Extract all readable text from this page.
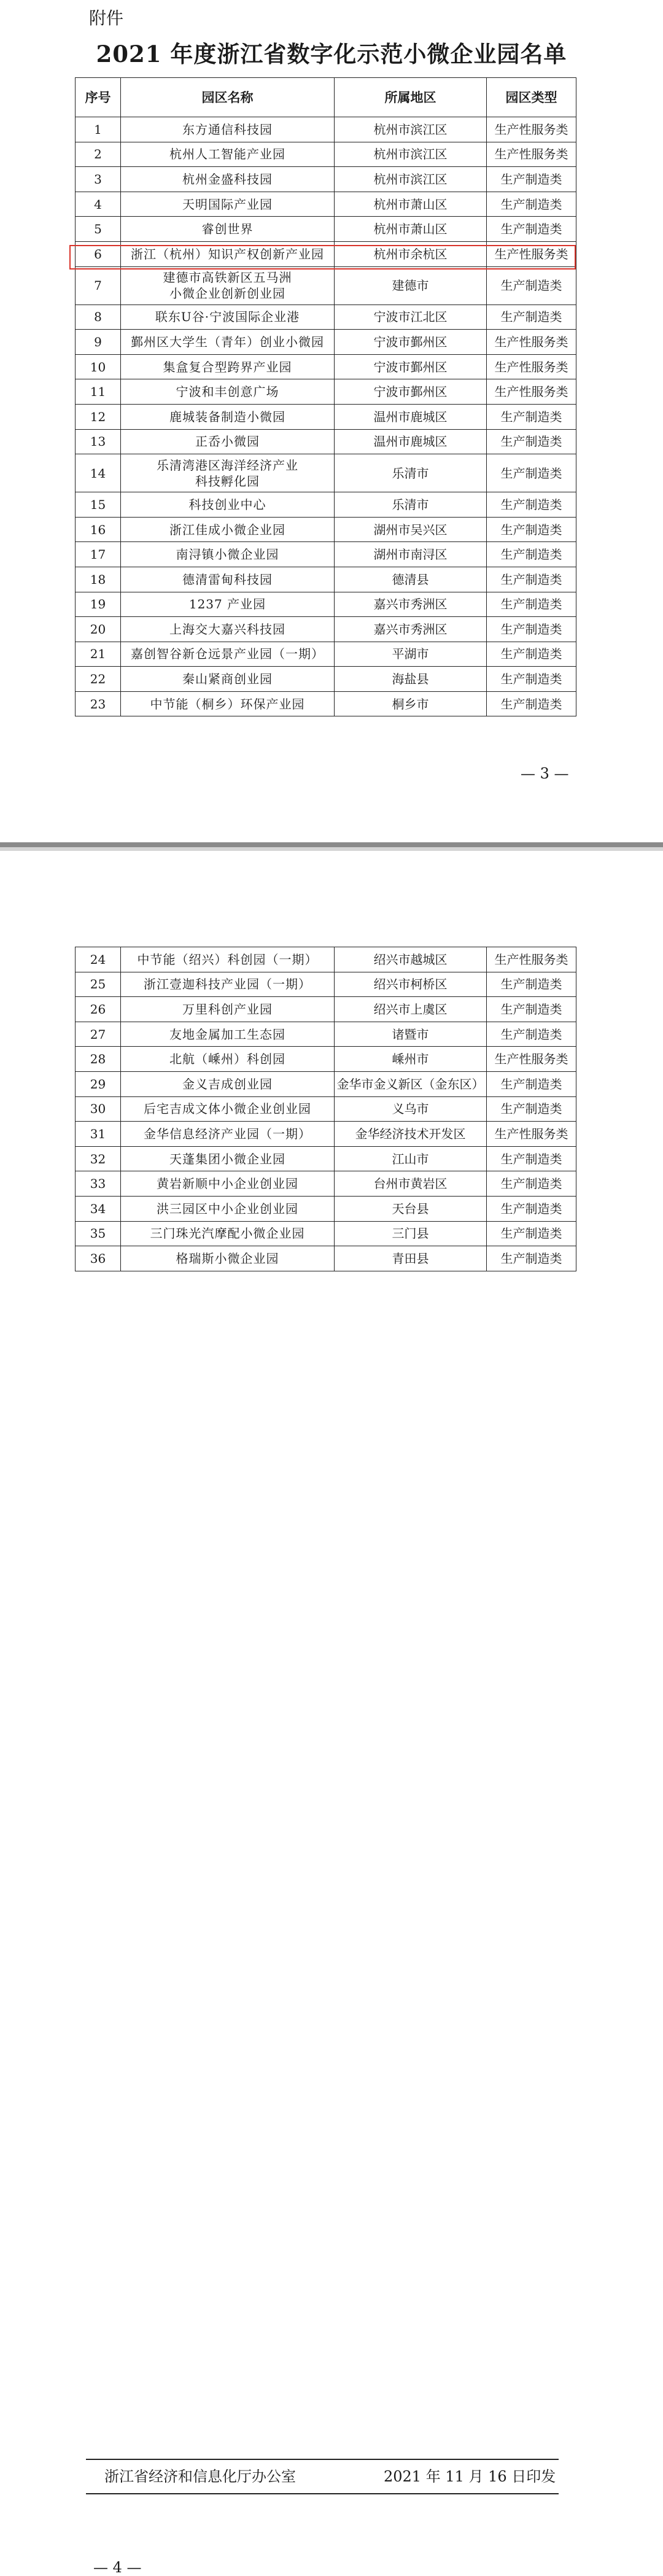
附件
2021 年度浙江省数字化示范小微企业园名单
序号	园区名称	所属地区	园区类型
1	东方通信科技园	杭州市滨江区	生产性服务类
2	杭州人工智能产业园	杭州市滨江区	生产性服务类
3	杭州金盛科技园	杭州市滨江区	生产制造类
4	天明国际产业园	杭州市萧山区	生产制造类
5	睿创世界	杭州市萧山区	生产制造类
6	浙江（杭州）知识产权创新产业园	杭州市余杭区	生产性服务类
7	建德市高铁新区五马洲
小微企业创新创业园	建德市	生产制造类
8	联东U谷·宁波国际企业港	宁波市江北区	生产制造类
9	鄞州区大学生（青年）创业小微园	宁波市鄞州区	生产性服务类
10	集盒复合型跨界产业园	宁波市鄞州区	生产性服务类
11	宁波和丰创意广场	宁波市鄞州区	生产性服务类
12	鹿城装备制造小微园	温州市鹿城区	生产制造类
13	正岙小微园	温州市鹿城区	生产制造类
14	乐清湾港区海洋经济产业
科技孵化园	乐清市	生产制造类
15	科技创业中心	乐清市	生产制造类
16	浙江佳成小微企业园	湖州市吴兴区	生产制造类
17	南浔镇小微企业园	湖州市南浔区	生产制造类
18	德清雷甸科技园	德清县	生产制造类
19	1237 产业园	嘉兴市秀洲区	生产制造类
20	上海交大嘉兴科技园	嘉兴市秀洲区	生产制造类
21	嘉创智谷新仓远景产业园（一期）	平湖市	生产制造类
22	秦山紧商创业园	海盐县	生产制造类
23	中节能（桐乡）环保产业园	桐乡市	生产制造类
— 3 —
浙江省经济和信息化厅办公室	2021 年 11 月 16 日印发
— 4 —
24	中节能（绍兴）科创园（一期）	绍兴市越城区	生产性服务类
25	浙江壹迦科技产业园（一期）	绍兴市柯桥区	生产制造类
26	万里科创产业园	绍兴市上虞区	生产制造类
27	友地金属加工生态园	诸暨市	生产制造类
28	北航（嵊州）科创园	嵊州市	生产性服务类
29	金义吉成创业园	金华市金义新区（金东区）	生产制造类
30	后宅吉成文体小微企业创业园	义乌市	生产制造类
31	金华信息经济产业园（一期）	金华经济技术开发区	生产性服务类
32	天蓬集团小微企业园	江山市	生产制造类
33	黄岩新顺中小企业创业园	台州市黄岩区	生产制造类
34	洪三园区中小企业创业园	天台县	生产制造类
35	三门珠光汽摩配小微企业园	三门县	生产制造类
36	格瑞斯小微企业园	青田县	生产制造类
